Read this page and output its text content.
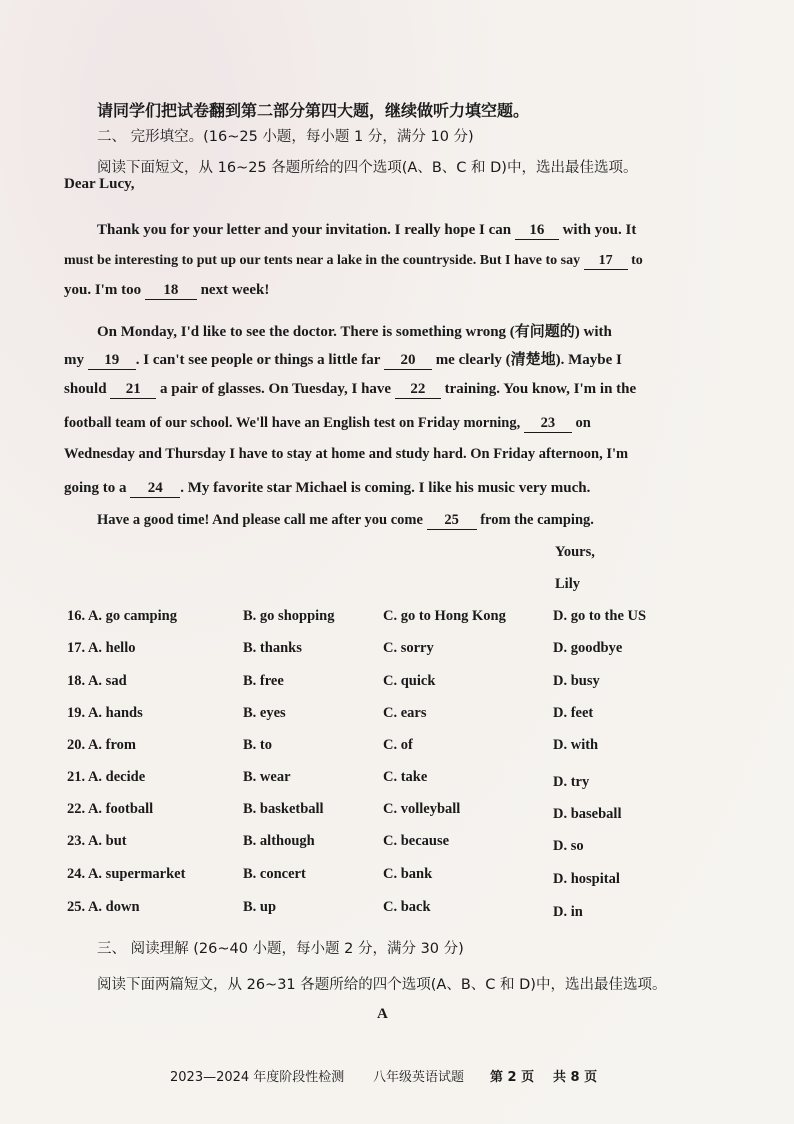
请同学们把试卷翻到第二部分第四大题，继续做听力填空题。
二、 完形填空。(16~25 小题，每小题 1 分，满分 10 分)
阅读下面短文，从 16~25 各题所给的四个选项(A、B、C 和 D)中，选出最佳选项。
Dear Lucy,
Thank you for your letter and your invitation. I really hope I can 16 with you. It
must be interesting to put up our tents near a lake in the countryside. But I have to say 17 to
you. I'm too 18 next week!
On Monday, I'd like to see the doctor. There is something wrong (有问题的) with
my 19 . I can't see people or things a little far 20 me clearly (清楚地). Maybe I
should 21 a pair of glasses. On Tuesday, I have 22 training. You know, I'm in the
football team of our school. We'll have an English test on Friday morning, 23 on
Wednesday and Thursday I have to stay at home and study hard. On Friday afternoon, I'm
going to a 24 . My favorite star Michael is coming. I like his music very much.
Have a good time! And please call me after you come 25 from the camping.
Yours,
Lily
16. A. go camping	B. go shopping	C. go to Hong Kong	D. go to the US
17. A. hello	B. thanks	C. sorry	D. goodbye
18. A. sad	B. free	C. quick	D. busy
19. A. hands	B. eyes	C. ears	D. feet
20. A. from	B. to	C. of	D. with
21. A. decide	B. wear	C. take	D. try
22. A. football	B. basketball	C. volleyball	D. baseball
23. A. but	B. although	C. because	D. so
24. A. supermarket	B. concert	C. bank	D. hospital
25. A. down	B. up	C. back	D. in
三、 阅读理解 (26~40 小题，每小题 2 分，满分 30 分)
阅读下面两篇短文，从 26~31 各题所给的四个选项(A、B、C 和 D)中，选出最佳选项。
A
2023—2024 年度阶段性检测 八年级英语试题 第 2 页 共 8 页
